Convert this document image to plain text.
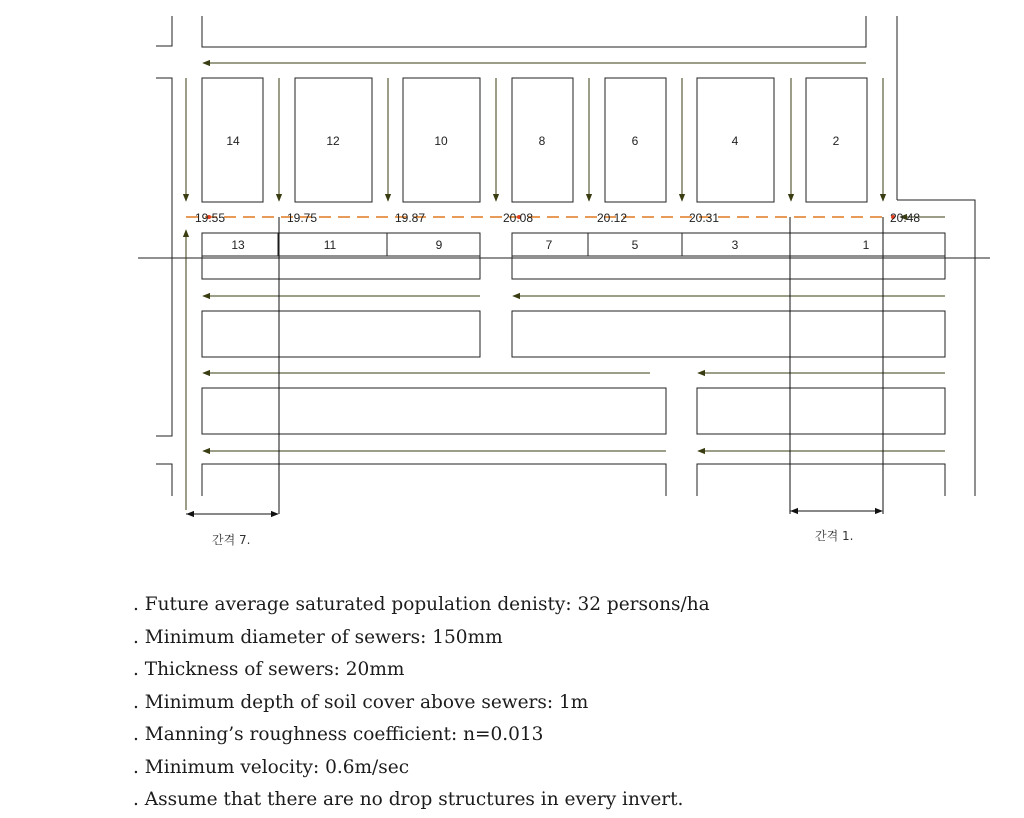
14	12	10	8	6	4	2
13	11	9	7	5	3	1
19.55	19.75	19.87	20.08	20.12	20.31	20.48
간격 7.	간격 1.
. Future average saturated population denisty: 32 persons/ha
. Minimum diameter of sewers: 150mm
. Thickness of sewers: 20mm
. Minimum depth of soil cover above sewers: 1m
. Manning’s roughness coefficient: n=0.013
. Minimum velocity: 0.6m/sec
. Assume that there are no drop structures in every invert.
